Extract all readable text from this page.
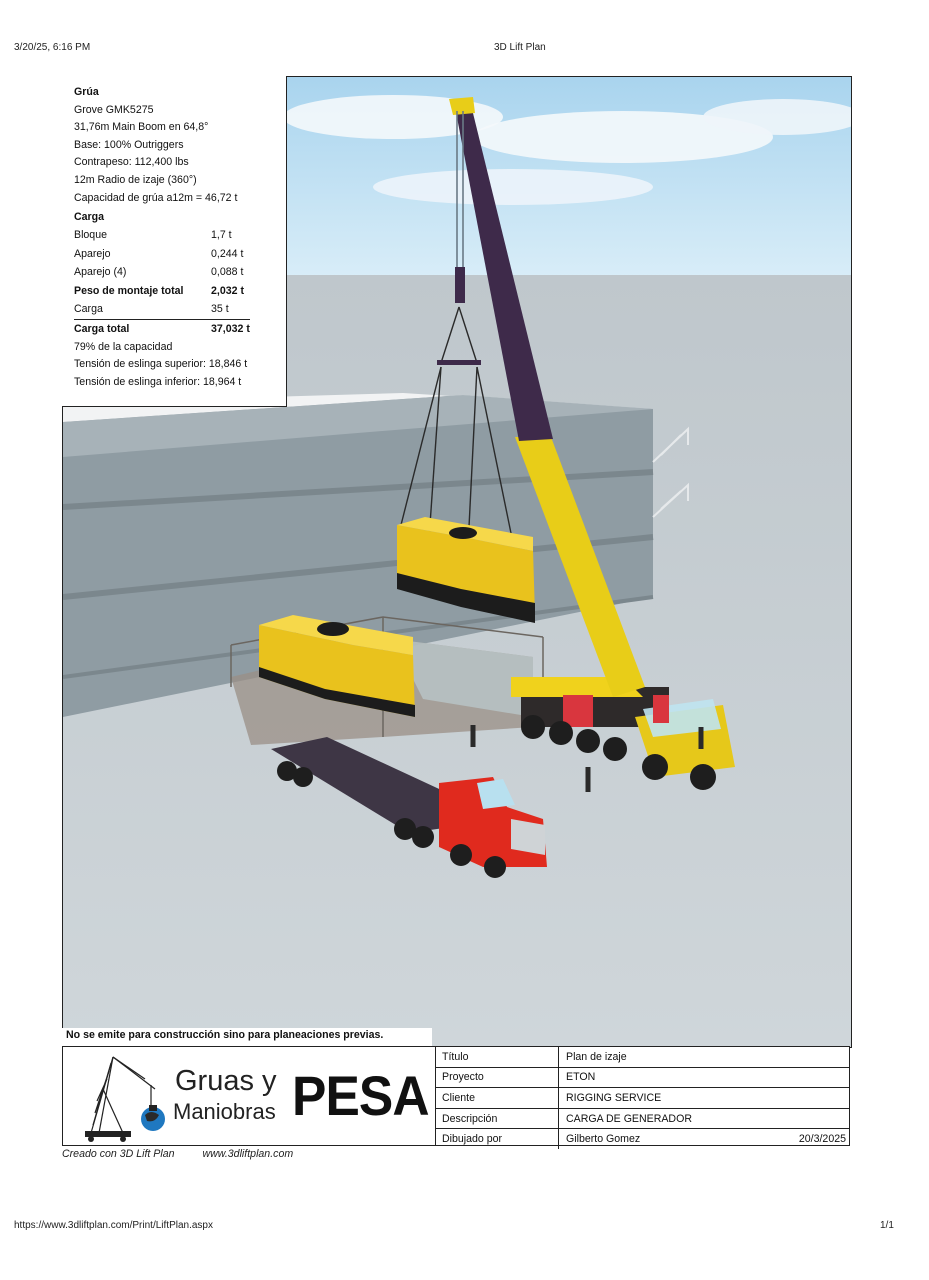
3/20/25, 6:16 PM	3D Lift Plan
Grúa
Grove GMK5275
31,76m Main Boom en 64,8°
Base: 100% Outriggers
Contrapeso: 112,400 lbs
12m Radio de izaje (360°)
Capacidad de grúa a12m = 46,72 t
Carga
Bloque	1,7 t
Aparejo	0,244 t
Aparejo (4)	0,088 t
Peso de montaje total	2,032 t
Carga	35 t
Carga total	37,032 t
79% de la capacidad
Tensión de eslinga superior: 18,846 t
Tensión de eslinga inferior: 18,964 t
No se emite para construcción sino para planeaciones previas.
Gruas y
Maniobras PESA
Título	Plan de izaje	
Proyecto	ETON	
Cliente	RIGGING SERVICE	
Descripción	CARGA DE GENERADOR	
Dibujado por	Gilberto Gomez	20/3/2025
Creado con 3D Lift Plan	www.3dliftplan.com
https://www.3dliftplan.com/Print/LiftPlan.aspx	1/1
